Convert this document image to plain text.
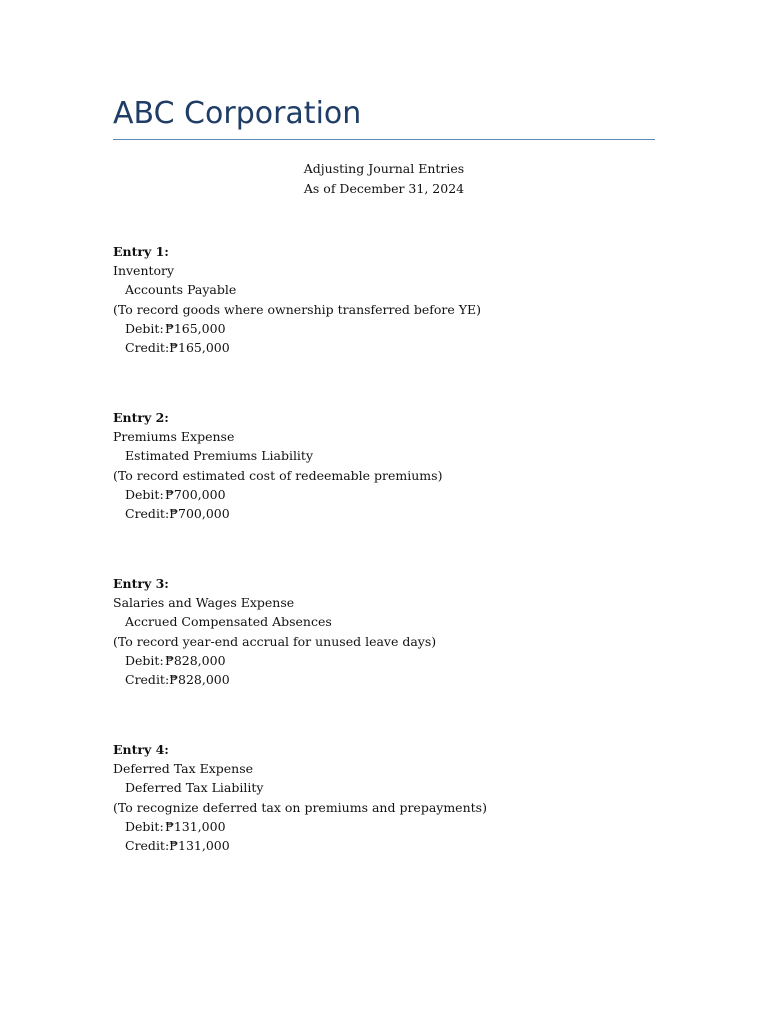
ABC Corporation
Adjusting Journal Entries
As of December 31, 2024
Entry 1:
Inventory
Accounts Payable
(To record goods where ownership transferred before YE)
Debit:₱165,000
Credit:₱165,000
Entry 2:
Premiums Expense
Estimated Premiums Liability
(To record estimated cost of redeemable premiums)
Debit:₱700,000
Credit:₱700,000
Entry 3:
Salaries and Wages Expense
Accrued Compensated Absences
(To record year-end accrual for unused leave days)
Debit:₱828,000
Credit:₱828,000
Entry 4:
Deferred Tax Expense
Deferred Tax Liability
(To recognize deferred tax on premiums and prepayments)
Debit:₱131,000
Credit:₱131,000
